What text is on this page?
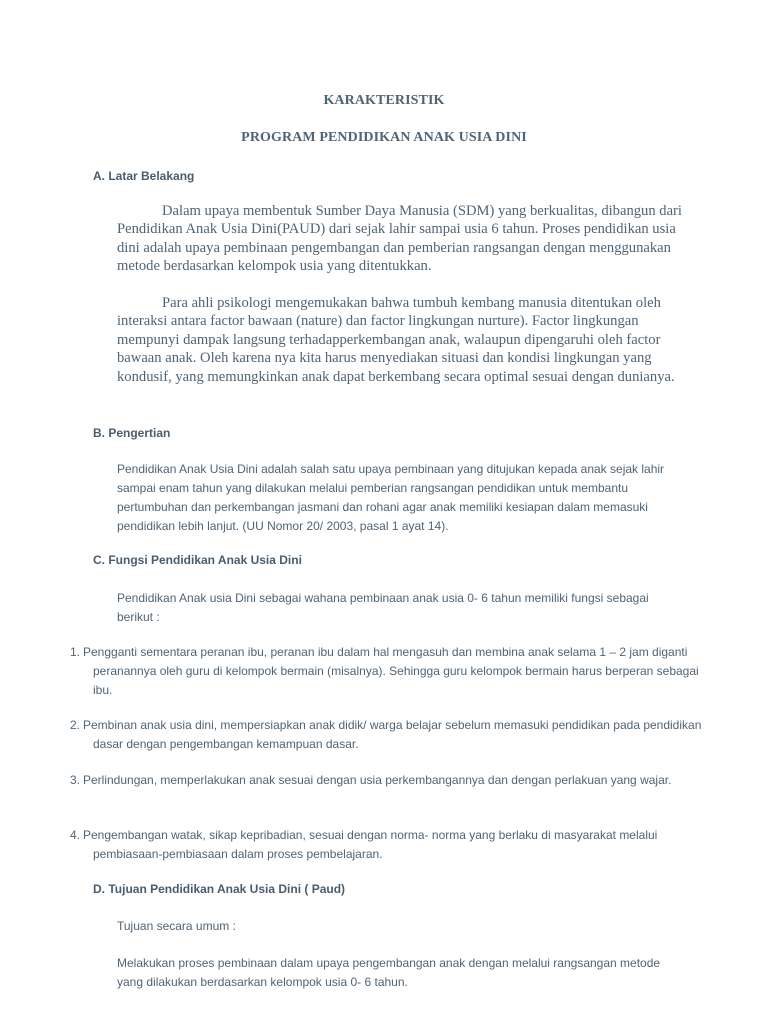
KARAKTERISTIK
PROGRAM PENDIDIKAN ANAK USIA DINI
A. Latar Belakang

Dalam upaya membentuk Sumber Daya Manusia (SDM) yang berkualitas, dibangun dari Pendidikan Anak Usia Dini(PAUD) dari sejak lahir sampai usia 6 tahun. Proses pendidikan usia dini adalah upaya pembinaan pengembangan dan pemberian rangsangan dengan menggunakan metode berdasarkan kelompok usia yang ditentukkan.

Para ahli psikologi mengemukakan bahwa tumbuh kembang manusia ditentukan oleh interaksi antara factor bawaan (nature) dan factor lingkungan nurture). Factor lingkungan mempunyi dampak langsung terhadapperkembangan anak, walaupun dipengaruhi oleh factor bawaan anak. Oleh karena nya kita harus menyediakan situasi dan kondisi lingkungan yang kondusif, yang memungkinkan anak dapat berkembang secara optimal sesuai dengan dunianya.

B. Pengertian

Pendidikan Anak Usia Dini adalah salah satu upaya pembinaan yang ditujukan kepada anak sejak lahir sampai enam tahun yang dilakukan melalui pemberian rangsangan pendidikan untuk membantu pertumbuhan dan perkembangan jasmani dan rohani agar anak memiliki kesiapan dalam memasuki pendidikan lebih lanjut. (UU Nomor 20/ 2003, pasal 1 ayat 14).

C. Fungsi Pendidikan Anak Usia Dini

Pendidikan Anak usia Dini sebagai wahana pembinaan anak usia 0- 6 tahun memiliki fungsi sebagai berikut :

1. Pengganti sementara peranan ibu, peranan ibu dalam hal mengasuh dan membina anak selama 1 – 2 jam diganti peranannya oleh guru di kelompok bermain (misalnya). Sehingga guru kelompok bermain harus berperan sebagai ibu.

2. Pembinan anak usia dini, mempersiapkan anak didik/ warga belajar sebelum memasuki pendidikan pada pendidikan dasar dengan pengembangan kemampuan dasar.

3. Perlindungan, memperlakukan anak sesuai dengan usia perkembangannya dan dengan perlakuan yang wajar.

4. Pengembangan watak, sikap kepribadian, sesuai dengan norma- norma yang berlaku di masyarakat melalui pembiasaan-pembiasaan dalam proses pembelajaran.

D. Tujuan Pendidikan Anak Usia Dini ( Paud)

Tujuan secara umum :

Melakukan proses pembinaan dalam upaya pengembangan anak dengan melalui rangsangan metode yang dilakukan berdasarkan kelompok usia 0- 6 tahun.
